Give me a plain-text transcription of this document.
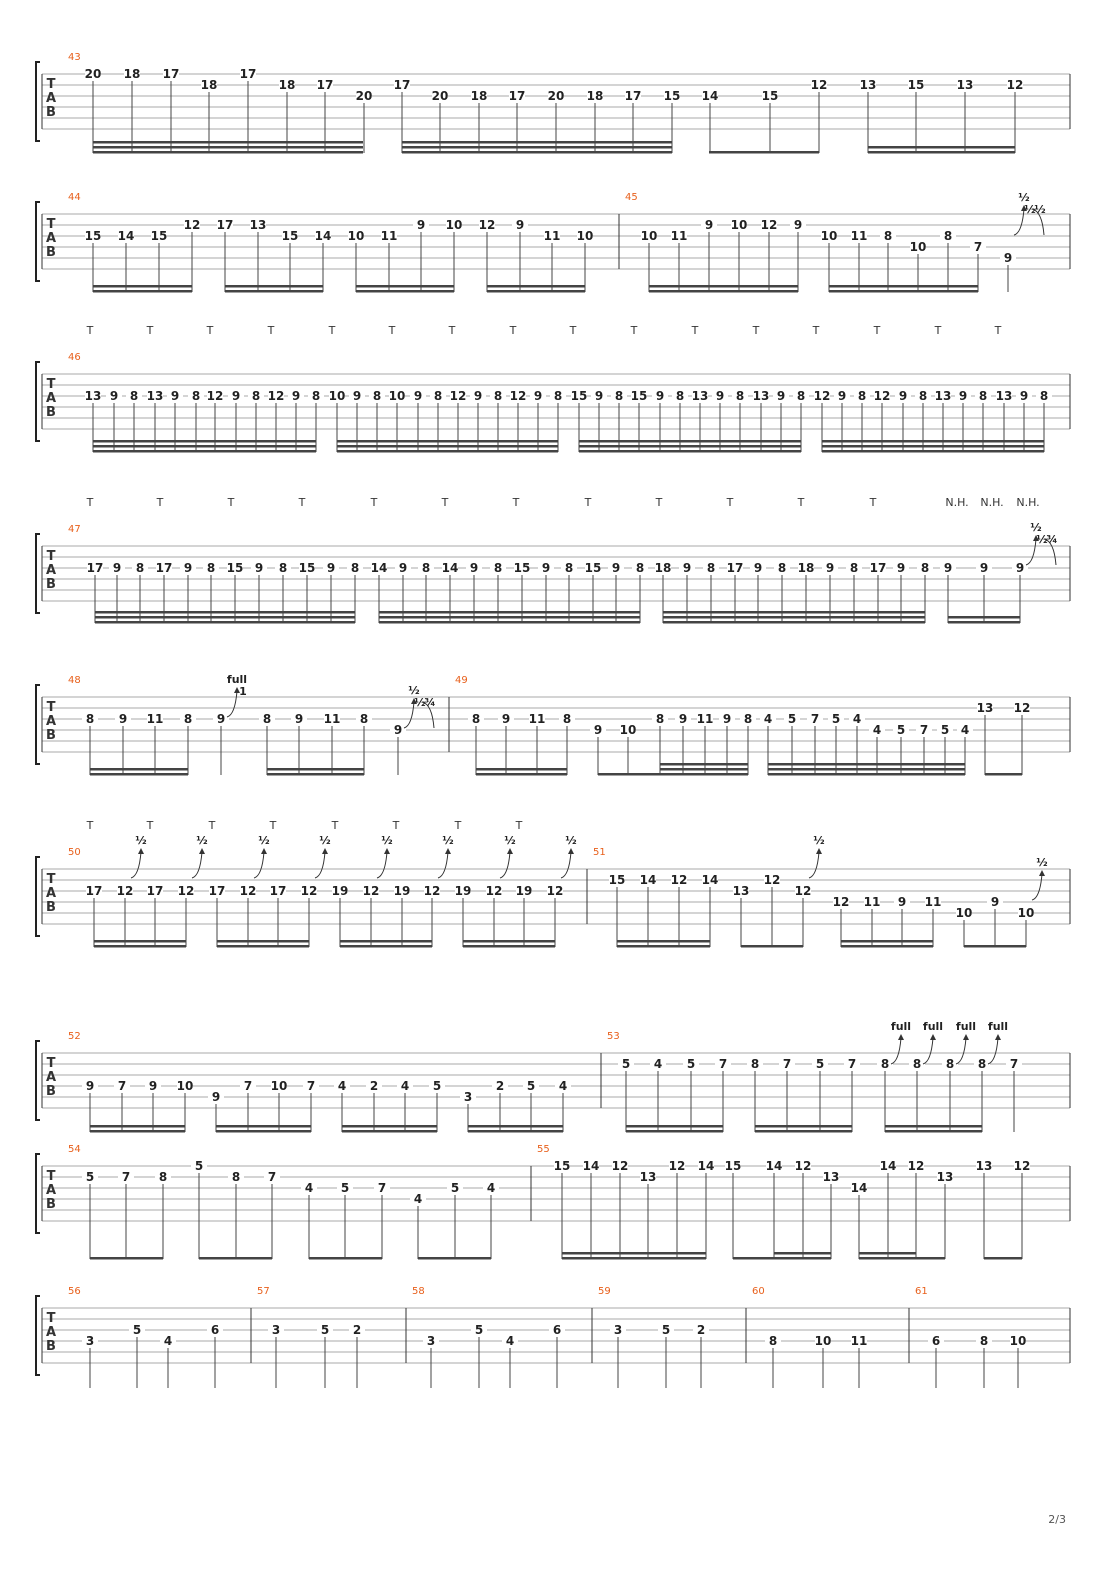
T
A
B
43
20 18 17
18
17
18 17
20
17
20 18 17 20 18 17 15 14	15
12	13	15	13	12
T
A
B
44	45
15 14 15
12 17 13
15 14 10 11
9 10 12 9
11 10	10 11
9 10 12 9
10 11 8
10
8
7
9
½
½
½
T
A
B
46
13 9 8 13 9 8 12 9 8 12 9 8 10 9 8 10 9 8 12 9 8 12 9 8 15 9 8 15 9 8 13 9 8 13 9 8 12 9 8 12 9 8 13 9 8 13 9 8
T	T	T	T	T	T	T	T	T	T	T	T	T	T	T	T
T
A
B
47
17 9 8 17 9 8 15 9 8 15 9 8 14 9 8 14 9 8 15 9 8 15 9 8 18 9 8 17 9 8 18 9 8 17 9 8 9 9 9
T	T	T	T	T	T	T	T	T	T	T	T	N.H. N.H. N.H.
½
½
¾
T
A
B
48	49
8 9 11 8 9	8 9 11 8
9
8 9 11 8
9 10
8 9 11 9 8 4 5 7 5 4
4 5 7 5 4
13 12
full
1	½
½
¾
T
A
B
50	51
17 12 17 12 17 12 17 12 19 12 19 12 19 12 19 12
15 14 12 14
13
12
12
12 11 9 11
10
9
10
T	T	T	T	T	T	T	T
½	½	½	½	½	½	½	½	½
½
T
A
B
52	53
9 7 9 10
9
7 10 7 4 2 4 5
3
2 5 4
5 4 5 7 8 7 5 7 8 8 8 8 7
full full full full
T
A
B
54	55
5 7 8
5
8 7
4 5 7
4
5 4
15 14 12
13
12 14 15 14 12
13
14
14 12
13
13 12
T
A
B
56	57	58	59	60	61
3
5
4
6	3	5 2
3
5
4
6	3	5 2
8	10 11	6	8 10
2/3
